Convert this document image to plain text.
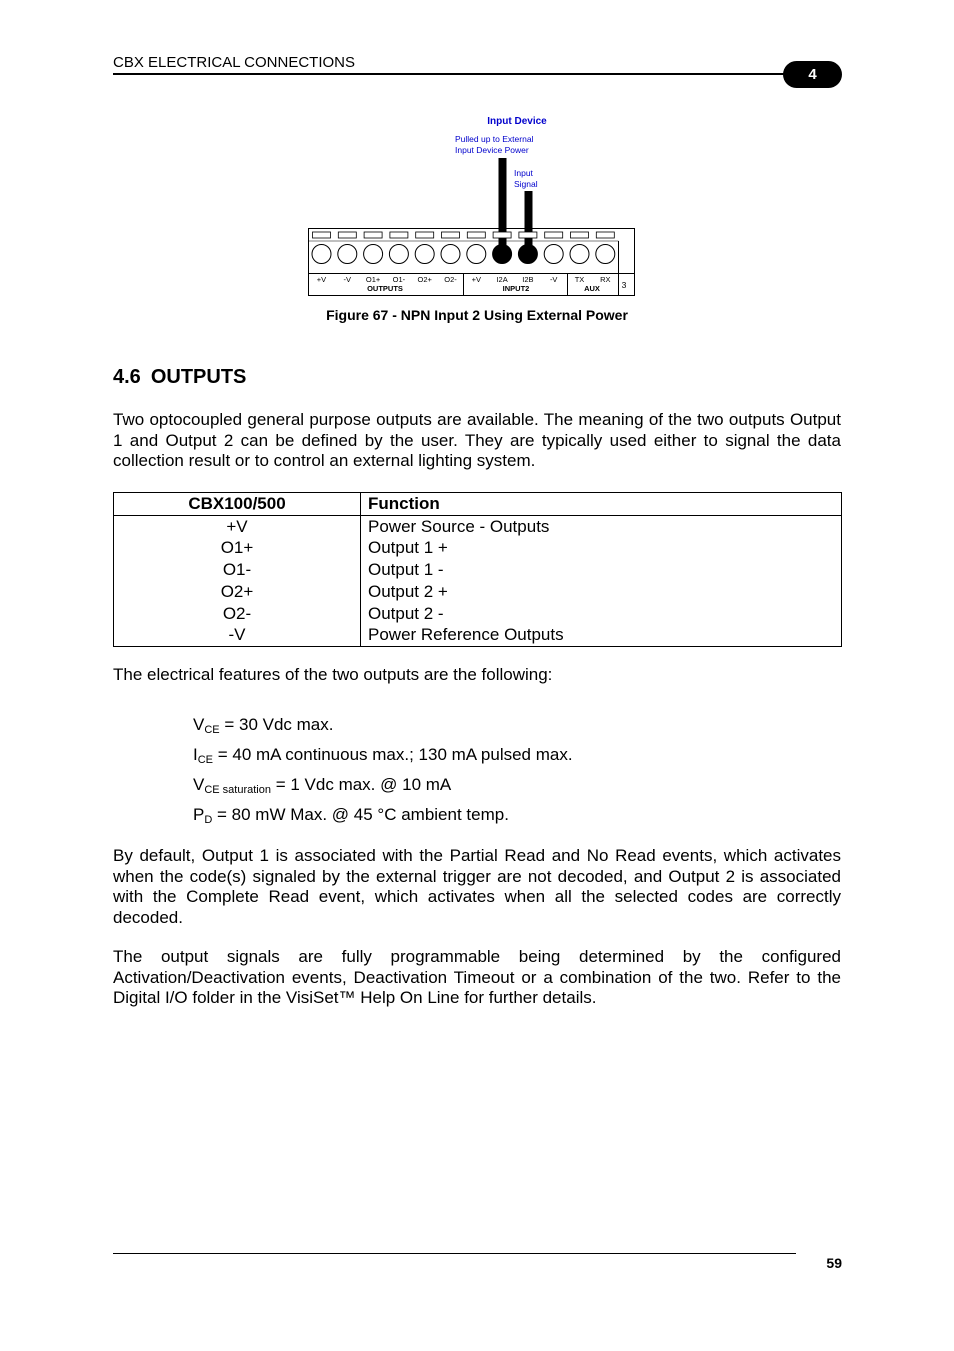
CBX ELECTRICAL CONNECTIONS
4
Input Device
Pulled up to External
Input Device Power
Input
Signal
+V -V O1+ O1- O2+ O2- +V I2A I2B -V TX RX
OUTPUTS	INPUT2	AUX	3
Figure 67 - NPN Input 2 Using External Power
4.6 OUTPUTS
Two optocoupled general purpose outputs are available. The meaning of the two outputs Output 1 and Output 2 can be defined by the user. They are typically used either to signal the data collection result or to control an external lighting system.
CBX100/500	Function
+V	Power Source - Outputs
O1+	Output 1 +
O1-	Output 1 -
O2+	Output 2 +
O2-	Output 2 -
-V	Power Reference Outputs
The electrical features of the two outputs are the following:
$V_{CE} = 30$ Vdc max.
$I_{CE} = 40$ mA continuous max.; 130 mA pulsed max.
$V_{CE saturation} = 1$ Vdc max. @ 10 mA
$P_D = 80$ mW Max. @ 45 °C ambient temp.
By default, Output 1 is associated with the Partial Read and No Read events, which activates when the code(s) signaled by the external trigger are not decoded, and Output 2 is associated with the Complete Read event, which activates when all the selected codes are correctly decoded.
The output signals are fully programmable being determined by the configured Activation/Deactivation events, Deactivation Timeout or a combination of the two. Refer to the Digital I/O folder in the VisiSet™ Help On Line for further details.
59
